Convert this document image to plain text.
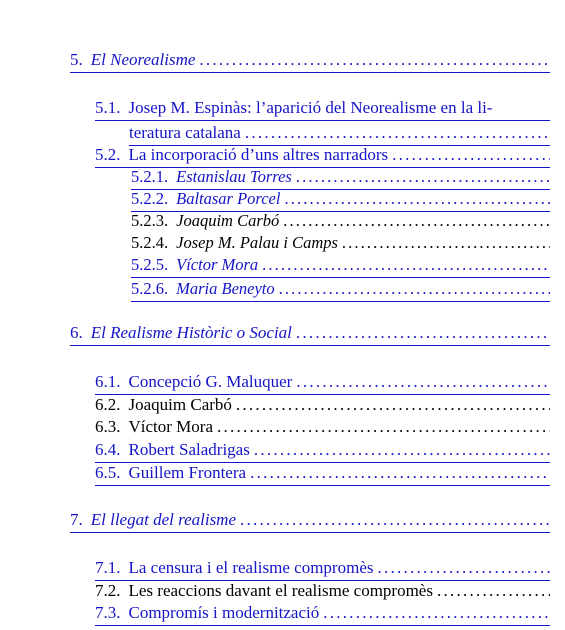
5. El Neorealisme
. . .
5.1. Josep M. Espinàs: l’aparició del Neorealisme en la li-
teratura catalana
. . .
5.2. La incorporació d’uns altres narradors
. . .
5.2.1. Estanislau Torres
. . .
5.2.2. Baltasar Porcel
. . .
5.2.3. Joaquim Carbó
. . .
5.2.4. Josep M. Palau i Camps
. . .
5.2.5. Víctor Mora
. . .
5.2.6. Maria Beneyto
. . .
6. El Realisme Històric o Social
. . .
6.1. Concepció G. Maluquer
. . .
6.2. Joaquim Carbó
. . .
6.3. Víctor Mora
. . .
6.4. Robert Saladrigas
. . .
6.5. Guillem Frontera
. . .
7. El llegat del realisme
. . .
7.1. La censura i el realisme compromès
. . .
7.2. Les reaccions davant el realisme compromès
. . .
7.3. Compromís i modernització
. . .
